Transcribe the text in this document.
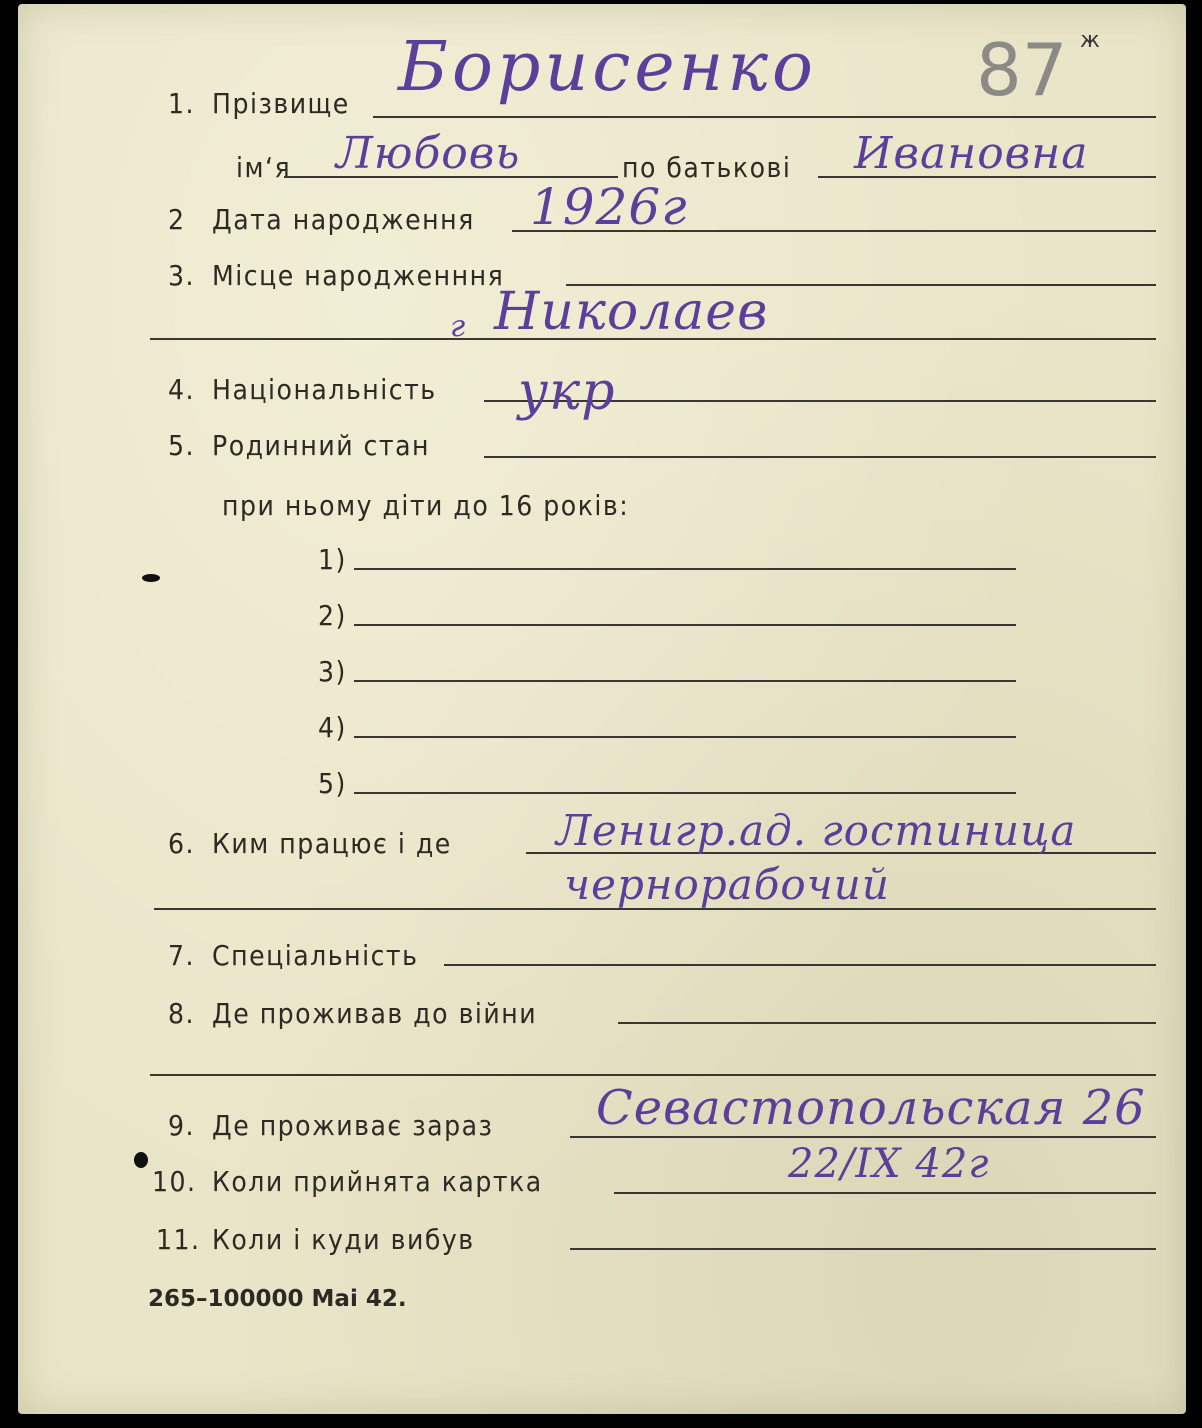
1. Прізвище Борисенко 87 ж
ім‘я Любовь	по батькові Ивановна
2 Дата народження 1926г
3. Місце народженння
г Николаев
4. Національність укр
5. Родинний стан
при ньому діти до 16 років:
1)
2)
3)
4)
5)
6. Ким працює і де Ленигр.ад. гостиница
чернорабочий
7. Спеціальність
8. Де проживав до війни
9. Де проживає зараз Севастопольская 26
10. Коли прийнята картка	22/IX 42г
11. Коли і куди вибув
265–100000 Mai 42.
